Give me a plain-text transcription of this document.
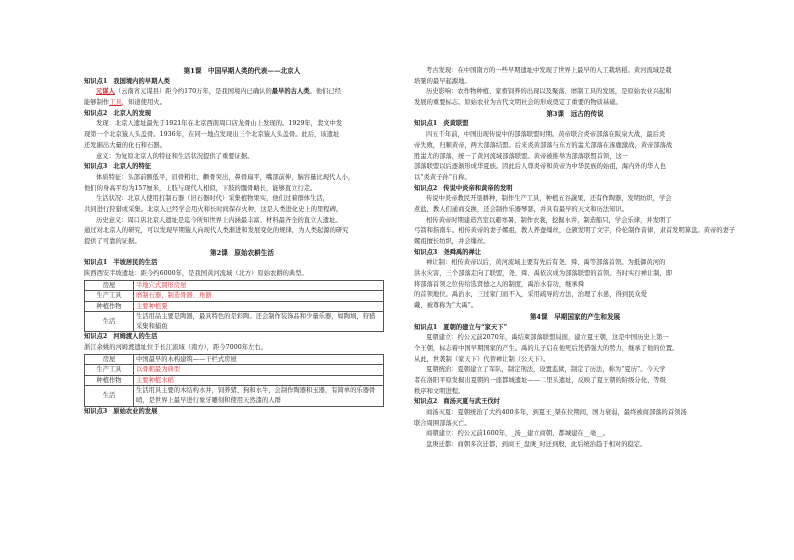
第1课　中国早期人类的代表——北京人
知识点1 我国境内的早期人类
元谋人（云南省元谋县）距今约170万年，是我国境内已确认的最早的古人类。他们已经
能够制作工具，知道使用火。
知识点2 北京人的发现
发现：北京人遗址最先于1921年在北京西南周口店龙骨山上发现的。1929年，裴文中发
现第一个北京猿人头盖骨。1936年，在同一地点发现出三个北京猿人头盖骨。此后，该遗址
还发掘出大量的化石和石器。
意义：为复原北京人的特征和生活状况提供了重要证据。
知识点3 北京人的特征
体质特征：头部前额低平，眉骨粗壮，颧骨突出，鼻骨扁平，嘴部前伸，脑容量比现代人小，
他们的身高平均为157厘米，上肢与现代人相似，下肢的髋骨略长，能够直立行走。
生活状况：北京人使用打制石器（旧石器时代）采集植物果实，他们过着群体生活，
共同进行狩猎或采集。北京人已经学会用火和长时间保存火种，这是人类进化史上的里程碑。
历史意义：周口店北京人遗址是迄今所知世界上内涵最丰富、材料最齐全的直立人遗址。
通过对北京人的研究，可以发现早期猿人向现代人类渐进和发展变化的规律，为人类起源的研究
提供了可靠的证据。
第2课　原始农耕生活
知识点1 半坡居民的生活
陕西西安半坡遗址：距今约6000年，是我国黄河流域（北方）原始农耕的典型。
房屋	半地穴式圆形房屋
生产工具	磨制石器，制造骨器、角器
种植作物	主要种植粟
生活	生活用品主要是陶器，最具特色的是彩陶。还会制作装饰品和少量乐器，如陶埙，狩猎采集和捕鱼
知识点2 河姆渡人的生活
浙江余姚的河姆渡遗址位于长江流域（南方），距今7000年左右。
房屋	中国最早的木构建筑——干栏式房屋
生产工具	以骨耜最为典型
种植作物	主要种植水稻
生活	生活用具主要的木结构水井，饲养猪、狗和水牛，会制作陶器和玉器，有简单的乐器骨哨，是世界上最早进行象牙雕刻和使用天然漆的人群
知识点3 原始农业的发展
考古发现：在中国南方的一些早期遗址中发现了世界上最早的人工栽培稻。黄河流域是栽
培粟的最早起源地。
历史影响：农作物种植、家畜饲养的出现以及聚落、磨制工具的发展，是原始农业兴起和
发展的重要标志。原始农业为古代文明社会的形成奠定了重要的物质基础。
第3课　远古的传说
知识点1 炎黄联盟
四五千年前，中国出现传说中的部落联盟时期。黄帝联合炎帝部落在阪泉大战，最后炎
帝失败，归顺黄帝，两大部落结盟。后来炎黄部落与东方的蚩尤部落在涿鹿激战，黄帝部落战
胜蚩尤的部落，统一了黄河流域部落联盟。黄帝被推举为部落联盟首领，这一
部落联盟以后逐渐形成华夏族。因此后人尊炎帝和黄帝为中华民族的始祖，海内外的华人也
以“炎黄子孙”自称。
知识点2 传说中炎帝和黄帝的发明
传说中炎帝教民开垦耕种，制作生产工具，种植五谷蔬果，还有作陶器，发明纺织，学会
煮盐，教人们通商交换，还会制作乐器琴瑟，并具有最早的天文和历法知识。
相传黄帝时期建造宫室以避寒暑，制作衣裳，挖掘水井，制造船只，学会乐律，并发明了
弓箭和指南车。相传黄帝的妻子嫘祖，教人养蚕缫丝，仓颉发明了文字，伶伦制作音律，隶首发明算盘。黄帝的妻子
嫘祖擅长纺织，并会缫丝。
知识点3 尧舜禹的禅让
禅让制：相传黄帝以后，黄河流域主要有先后有尧、舜、禹等部落首领。为抵御黄河的
洪水灾害，三个部落走向了联盟，尧、舜、禹依次成为部落联盟的首领。当时实行禅让制，即
将部落首领之位传给选贤德之人的制度，禹治水有功，继承舜
的首领地位。禹治水，三过家门而不入，采用疏导的方法，治理了水患，得到民众爱
戴，被尊称为“大禹”。
第4课　早期国家的产生和发展
知识点1 夏朝的建立与“家天下”
夏朝建立：约公元前2070年，禹结束部落联盟局面，建立夏王朝，这是中国历史上第一
个王朝，标志着中国早期国家的产生。禹的儿子启在他死后凭借强大的势力，继承了他的位置。
从此，世袭制（家天下）代替禅让制（公天下）。
夏朝统治：夏朝建立了军队，制定刑法，设置监狱，制定了历法，称为“夏历”。今天学
者在洛阳平原发掘出夏朝的一座都城遗址——二里头遗址，反映了夏王朝的阶级分化、等级
秩序和文明进程。
知识点2 商汤灭夏与武王伐纣
商汤灭夏：夏朝统治了大约400多年，到夏王_桀在位期间，国力衰弱，最终被商部落的首领汤
联合周围部落灭亡。
商朝建立：约公元前1600年，_汤__建立商朝，都城建在__亳__。
盘庚迁都：商朝多次迁都，到商王_盘庚_时迁到殷，此后统治趋于相对的稳定。
